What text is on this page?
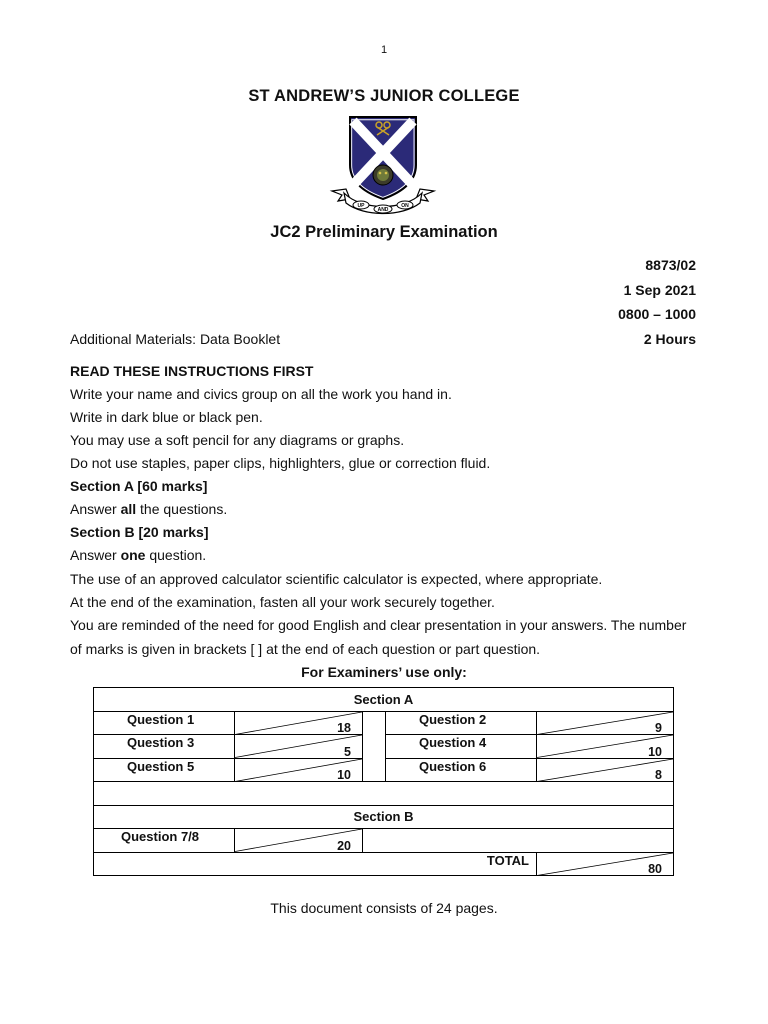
1
ST ANDREW’S JUNIOR COLLEGE
UP
AND
ON
JC2 Preliminary Examination
8873/02
1 Sep 2021
0800 – 1000
2 Hours
Additional Materials: Data Booklet
READ THESE INSTRUCTIONS FIRST
Write your name and civics group on all the work you hand in.
Write in dark blue or black pen.
You may use a soft pencil for any diagrams or graphs.
Do not use staples, paper clips, highlighters, glue or correction fluid.
Section A [60 marks]
Answer all the questions.
Section B [20 marks]
Answer one question.
The use of an approved calculator scientific calculator is expected, where appropriate.
At the end of the examination, fasten all your work securely together.
You are reminded of the need for good English and clear presentation in your answers. The number
of marks is given in brackets [ ] at the end of each question or part question.
For Examiners’ use only:
Section A				
Question 1	18		Question 2	9

Question 3	5		Question 4	10

Question 5	10		Question 6	8

Section B				
Question 7/8	20			

TOTAL				80
This document consists of 24 pages.
